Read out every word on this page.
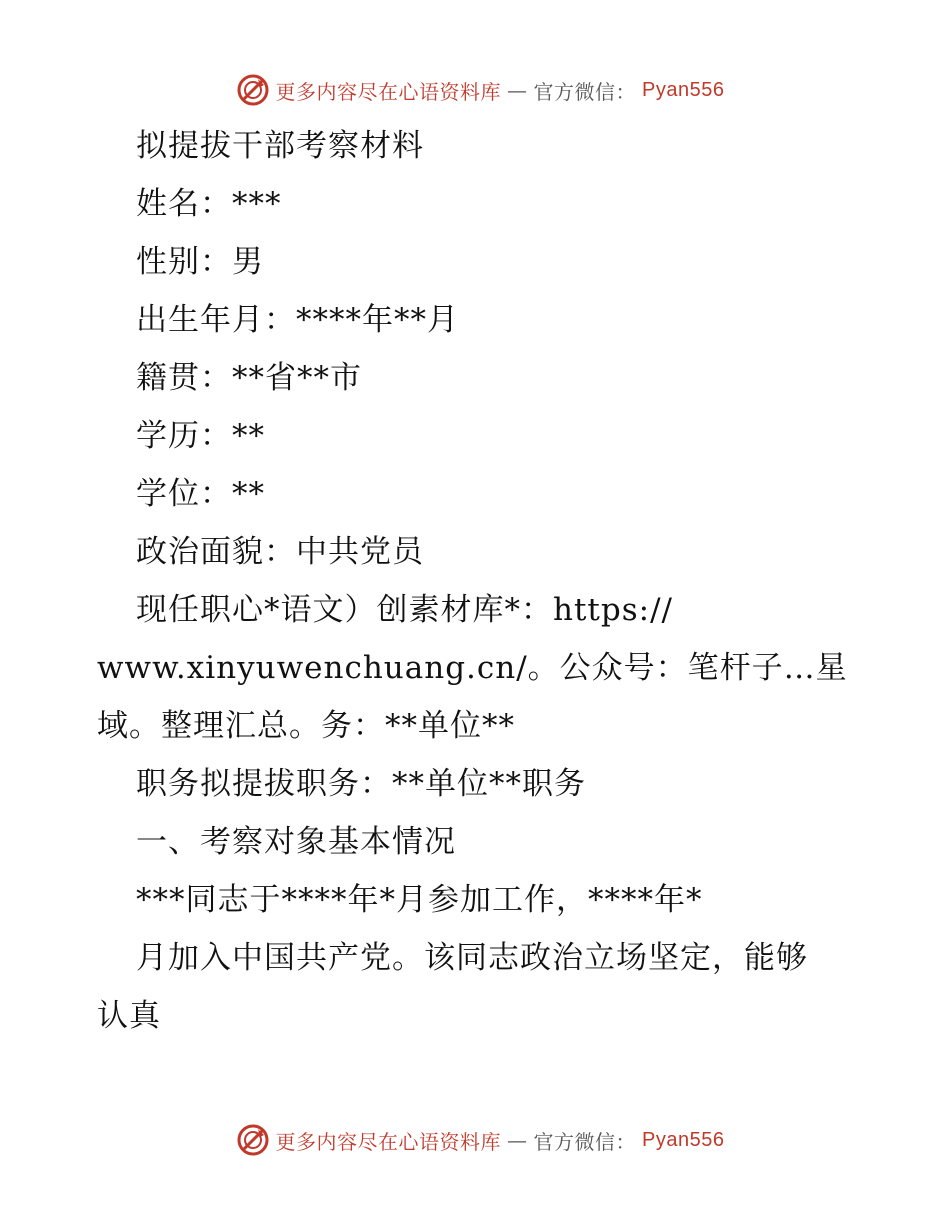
更多内容尽在心语资料库 — 官方微信： Pyan556
拟提拔干部考察材料
姓名：***
性别：男
出生年月：****年**月
籍贯：**省**市
学历：**
学位：**
政治面貌：中共党员
现任职心*语文）创素材库*：https://
www.xinyuwenchuang.cn/。公众号：笔杆子…星
域。整理汇总。务：**单位**
职务拟提拔职务：**单位**职务
一、考察对象基本情况
***同志于****年*月参加工作，****年*
月加入中国共产党。该同志政治立场坚定，能够
认真
更多内容尽在心语资料库 — 官方微信： Pyan556
